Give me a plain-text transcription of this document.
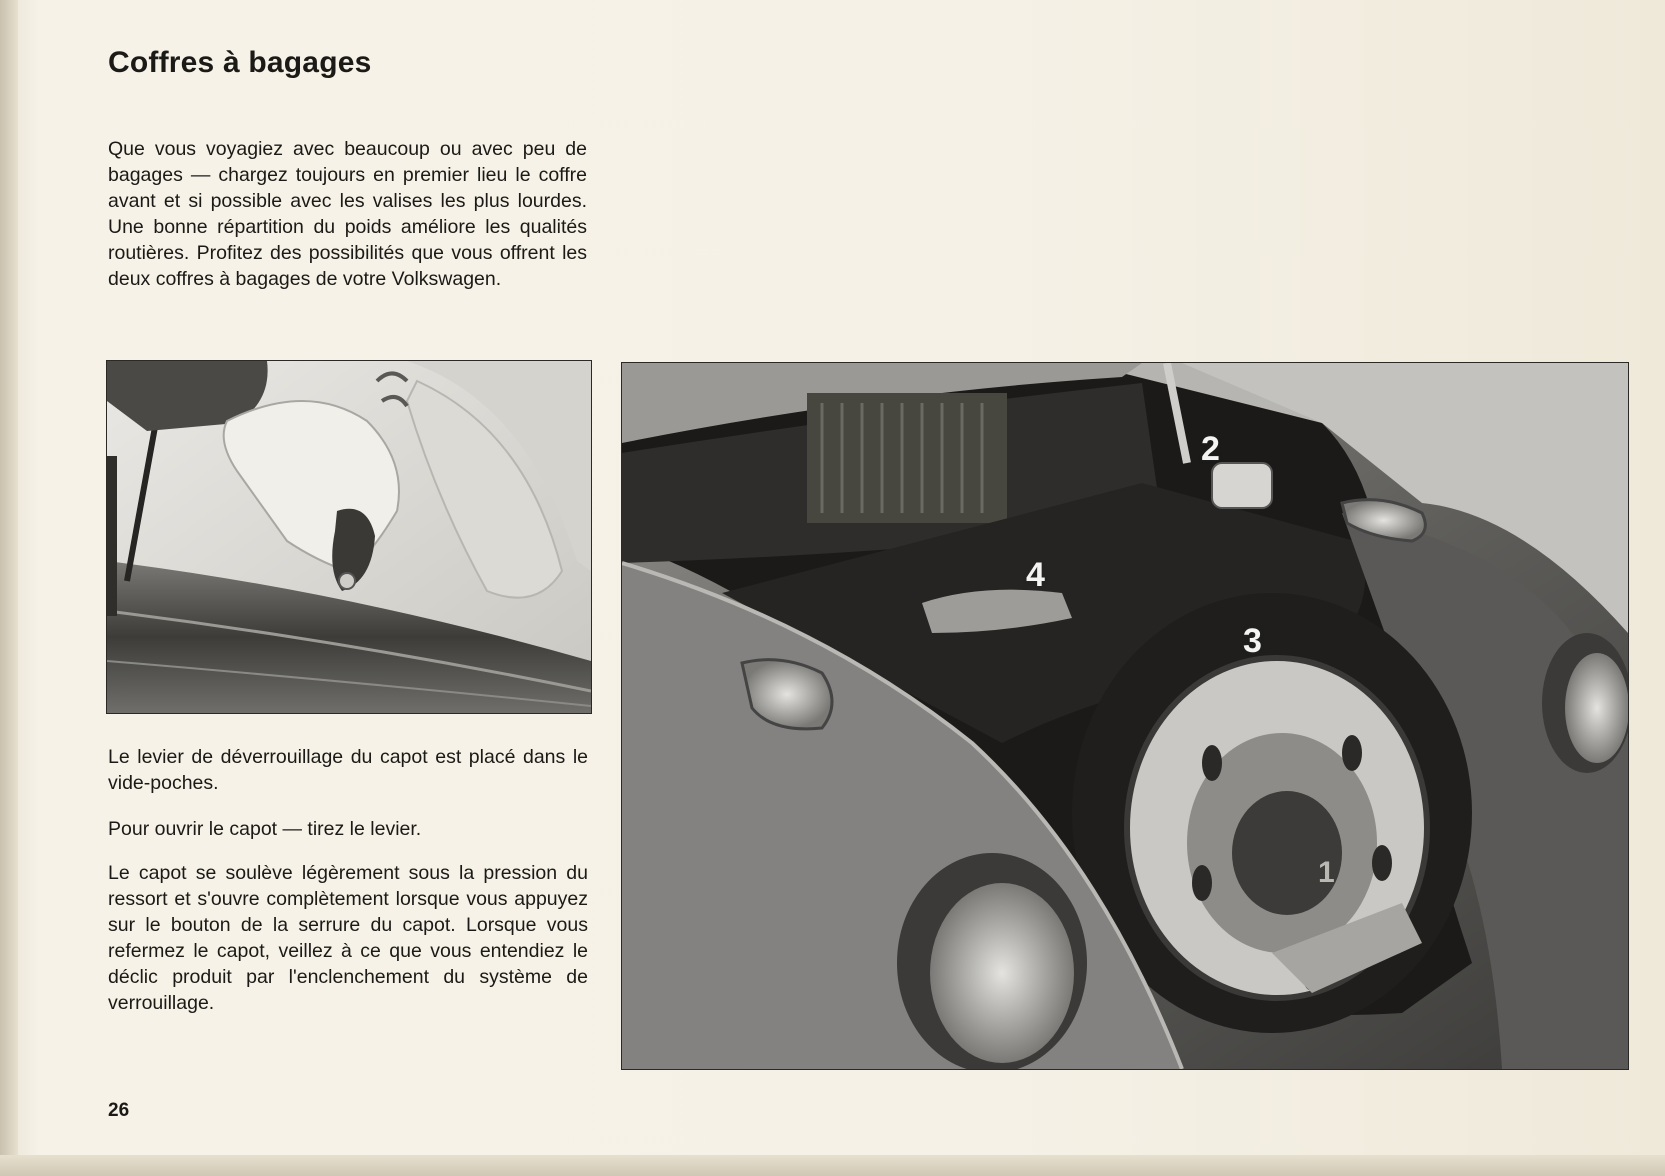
Coffres à bagages

Que vous voyagiez avec beaucoup ou avec peu de bagages — chargez toujours en premier lieu le coffre avant et si possible avec les valises les plus lourdes. Une bonne répartition du poids améliore les qualités routières. Profitez des possibilités que vous offrent les deux coffres à bagages de votre Volkswagen.

1
2
3
4

Le levier de déverrouillage du capot est placé dans le vide-poches.

Pour ouvrir le capot — tirez le levier.

Le capot se soulève légèrement sous la pression du ressort et s'ouvre complètement lorsque vous appuyez sur le bouton de la serrure du capot. Lorsque vous refermez le capot, veillez à ce que vous entendiez le déclic produit par l'enclenchement du système de verrouillage.

26
